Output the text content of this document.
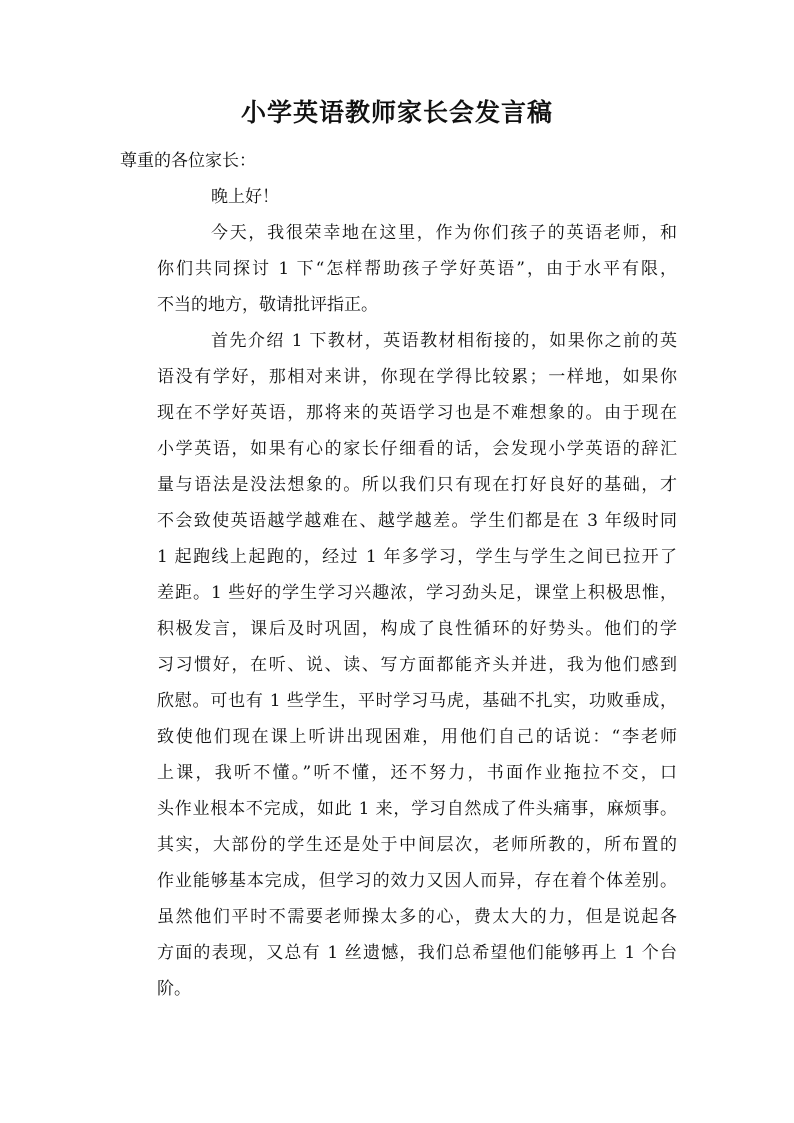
小学英语教师家长会发言稿
尊重的各位家长：
晚上好！
今天，我很荣幸地在这里，作为你们孩子的英语老师，和
你们共同探讨 1 下“怎样帮助孩子学好英语”，由于水平有限，
不当的地方，敬请批评指正。
首先介绍 1 下教材，英语教材相衔接的，如果你之前的英
语没有学好，那相对来讲，你现在学得比较累；一样地，如果你
现在不学好英语，那将来的英语学习也是不难想象的。由于现在
小学英语，如果有心的家长仔细看的话，会发现小学英语的辞汇
量与语法是没法想象的。所以我们只有现在打好良好的基础，才
不会致使英语越学越难在、越学越差。学生们都是在 3 年级时同
1 起跑线上起跑的，经过 1 年多学习，学生与学生之间已拉开了
差距。1 些好的学生学习兴趣浓，学习劲头足，课堂上积极思惟，
积极发言，课后及时巩固，构成了良性循环的好势头。他们的学
习习惯好，在听、说、读、写方面都能齐头并进，我为他们感到
欣慰。可也有 1 些学生，平时学习马虎，基础不扎实，功败垂成，
致使他们现在课上听讲出现困难，用他们自己的话说：“李老师
上课，我听不懂。”听不懂，还不努力，书面作业拖拉不交，口
头作业根本不完成，如此 1 来，学习自然成了件头痛事，麻烦事。
其实，大部份的学生还是处于中间层次，老师所教的，所布置的
作业能够基本完成，但学习的效力又因人而异，存在着个体差别。
虽然他们平时不需要老师操太多的心，费太大的力，但是说起各
方面的表现，又总有 1 丝遗憾，我们总希望他们能够再上 1 个台
阶。
